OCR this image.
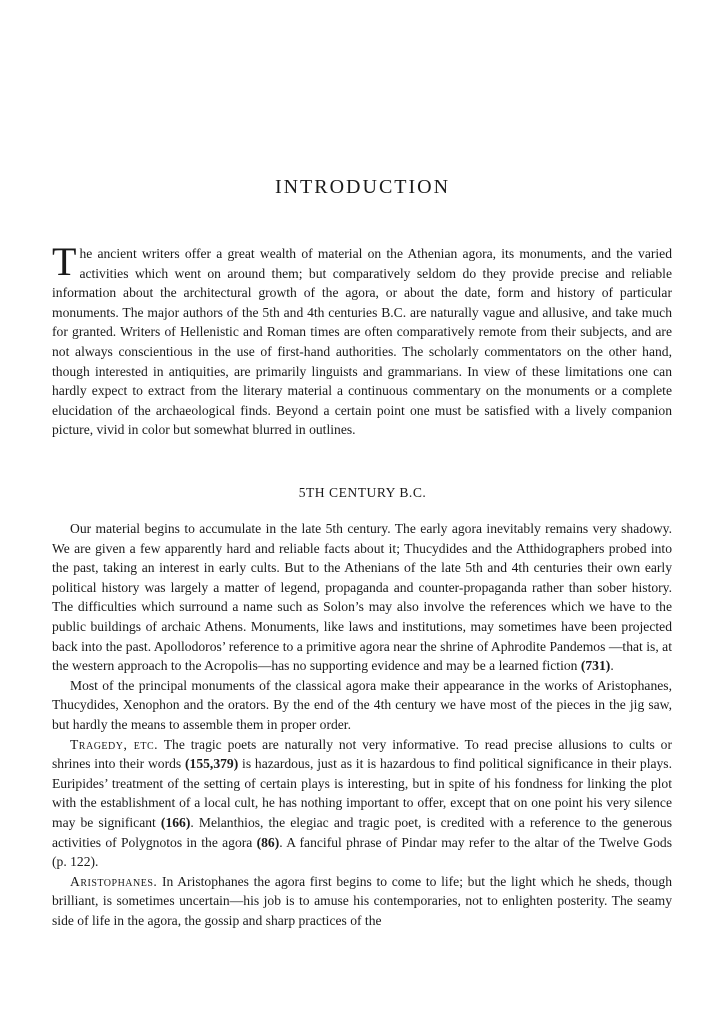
INTRODUCTION

The ancient writers offer a great wealth of material on the Athenian agora, its monuments, and the varied activities which went on around them; but comparatively seldom do they provide precise and reliable information about the architectural growth of the agora, or about the date, form and history of particular monuments. The major authors of the 5th and 4th centuries B.C. are naturally vague and allusive, and take much for granted. Writers of Hellenistic and Roman times are often comparatively remote from their subjects, and are not always conscientious in the use of first-hand authorities. The scholarly commentators on the other hand, though interested in antiquities, are primarily linguists and grammarians. In view of these limitations one can hardly expect to extract from the literary material a continuous commentary on the monuments or a complete elucidation of the archaeological finds. Beyond a certain point one must be satisfied with a lively companion picture, vivid in color but somewhat blurred in outlines.

5TH CENTURY B.C.

Our material begins to accumulate in the late 5th century. The early agora inevitably remains very shadowy. We are given a few apparently hard and reliable facts about it; Thucydides and the Atthidographers probed into the past, taking an interest in early cults. But to the Athenians of the late 5th and 4th centuries their own early political history was largely a matter of legend, propaganda and counter-propaganda rather than sober history. The difficulties which surround a name such as Solon’s may also involve the references which we have to the public buildings of archaic Athens. Monuments, like laws and institutions, may sometimes have been projected back into the past. Apollodoros’ reference to a primitive agora near the shrine of Aphrodite Pandemos —that is, at the western approach to the Acropolis—has no supporting evidence and may be a learned fiction (731).

Most of the principal monuments of the classical agora make their appearance in the works of Aristophanes, Thucydides, Xenophon and the orators. By the end of the 4th century we have most of the pieces in the jig saw, but hardly the means to assemble them in proper order.

Tragedy, etc. The tragic poets are naturally not very informative. To read precise allusions to cults or shrines into their words (155,379) is hazardous, just as it is hazardous to find political significance in their plays. Euripides’ treatment of the setting of certain plays is interesting, but in spite of his fondness for linking the plot with the establishment of a local cult, he has nothing important to offer, except that on one point his very silence may be significant (166). Melanthios, the elegiac and tragic poet, is credited with a reference to the generous activities of Polygnotos in the agora (86). A fanciful phrase of Pindar may refer to the altar of the Twelve Gods (p. 122).

Aristophanes. In Aristophanes the agora first begins to come to life; but the light which he sheds, though brilliant, is sometimes uncertain—his job is to amuse his contemporaries, not to enlighten posterity. The seamy side of life in the agora, the gossip and sharp practices of the
